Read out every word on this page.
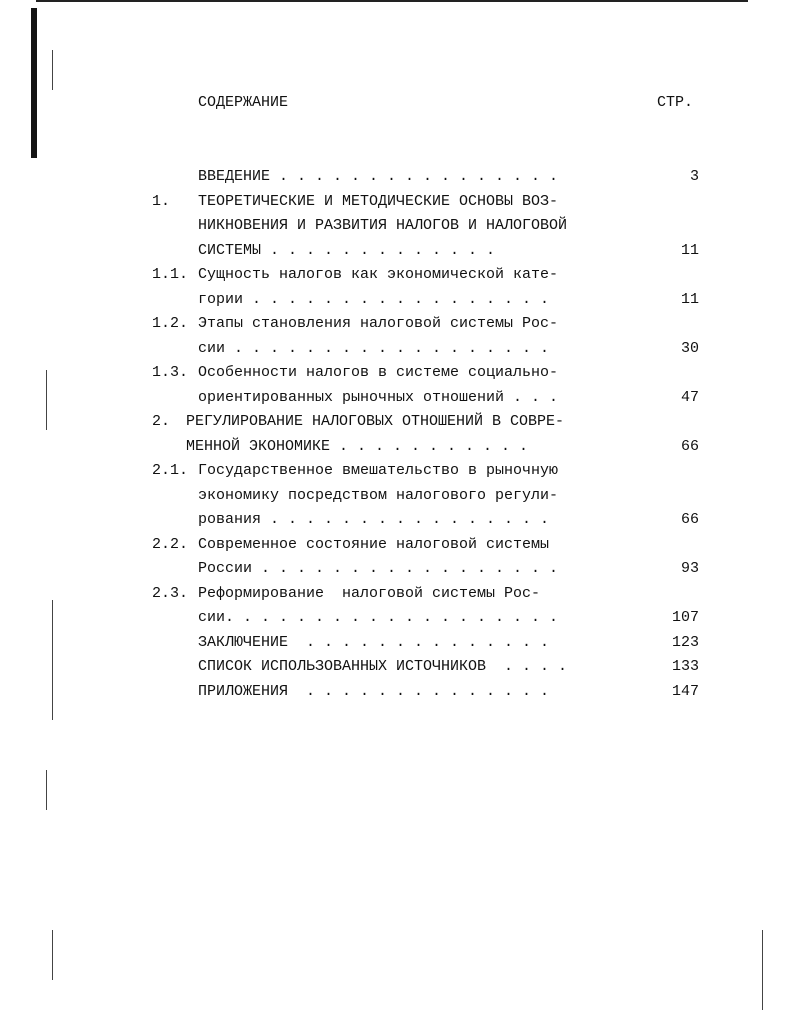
СОДЕРЖАНИЕ	СТР.
ВВЕДЕНИЕ . . . . . . . . . . . . . . . .	3
1. ТЕОРЕТИЧЕСКИЕ И МЕТОДИЧЕСКИЕ ОСНОВЫ ВОЗ-
НИКНОВЕНИЯ И РАЗВИТИЯ НАЛОГОВ И НАЛОГОВОЙ
СИСТЕМЫ . . . . . . . . . . . . .	11
1.1. Сущность налогов как экономической кате-
гории . . . . . . . . . . . . . . . . .	11
1.2. Этапы становления налоговой системы Рос-
сии . . . . . . . . . . . . . . . . . .	30
1.3. Особенности налогов в системе социально-
ориентированных рыночных отношений . . .	47
2. РЕГУЛИРОВАНИЕ НАЛОГОВЫХ ОТНОШЕНИЙ В СОВРЕ-
МЕННОЙ ЭКОНОМИКЕ . . . . . . . . . . .	66
2.1. Государственное вмешательство в рыночную
экономику посредством налогового регули-
рования . . . . . . . . . . . . . . . .	66
2.2. Современное состояние налоговой системы
России . . . . . . . . . . . . . . . . .	93
2.3. Реформирование  налоговой системы Рос-
сии. . . . . . . . . . . . . . . . . . .	107
ЗАКЛЮЧЕНИЕ  . . . . . . . . . . . . . .	123
СПИСОК ИСПОЛЬЗОВАННЫХ ИСТОЧНИКОВ  . . . .	133
ПРИЛОЖЕНИЯ  . . . . . . . . . . . . . .	147
